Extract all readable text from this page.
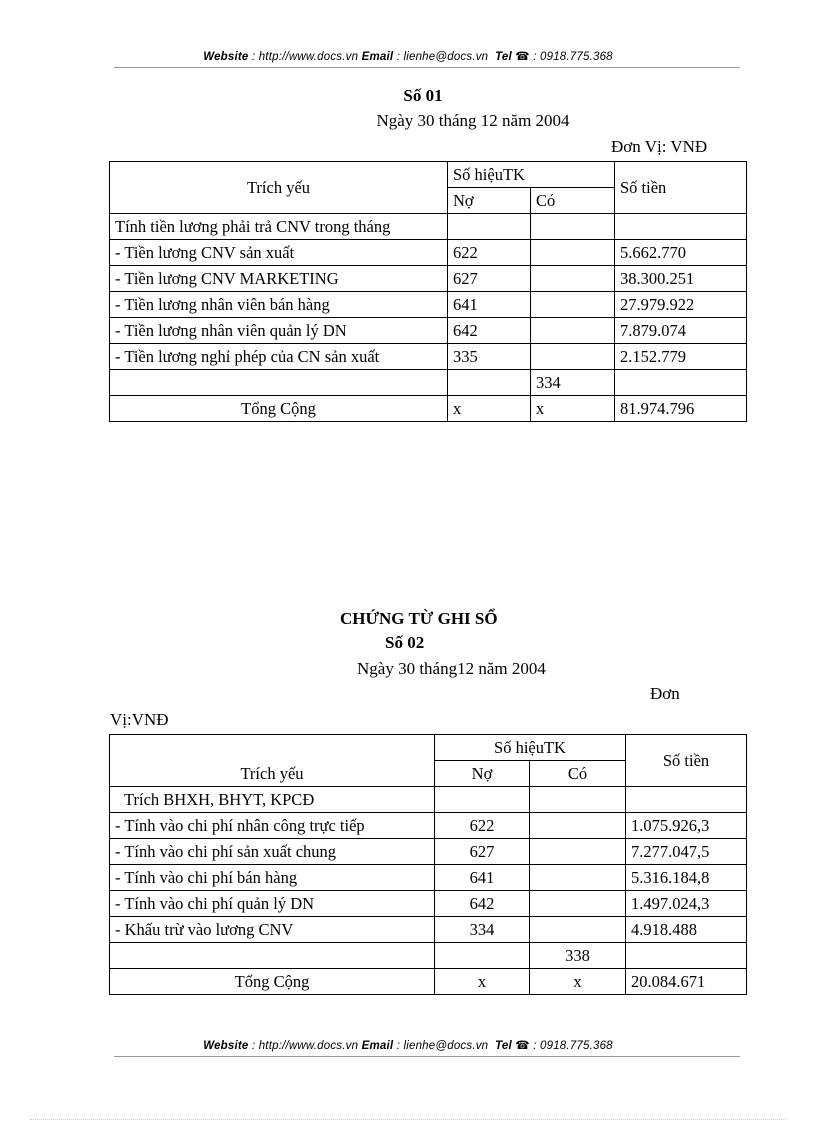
Website : http://www.docs.vn Email : lienhe@docs.vn Tel ☎ : 0918.775.368
Số 01
Ngày 30 tháng 12 năm 2004
Đơn Vị: VNĐ
Trích yếu	Số hiệuTK		Số tiền
	Nợ	Có	
Tính tiền lương phải trả CNV trong tháng			
- Tiền lương CNV sản xuất	622		5.662.770
- Tiền lương CNV MARKETING	627		38.300.251
- Tiền lương nhân viên bán hàng	641		27.979.922
- Tiền lương nhân viên quản lý DN	642		7.879.074
- Tiền lương nghỉ phép của CN sản xuất	335		2.152.779
		334	
Tổng Cộng	x	x	81.974.796
CHỨNG TỪ GHI SỔ
Số 02
Ngày 30 tháng12 năm 2004
Đơn
Vị:VNĐ
Trích yếu	Số hiệuTK		Số tiền
	Nợ	Có	
Trích BHXH, BHYT, KPCĐ			
- Tính vào chi phí nhân công trực tiếp	622		1.075.926,3
- Tính vào chi phí sản xuất chung	627		7.277.047,5
- Tính vào chi phí bán hàng	641		5.316.184,8
- Tính vào chi phí quản lý DN	642		1.497.024,3
- Khấu trừ vào lương CNV	334		4.918.488
		338	
Tổng Cộng	x	x	20.084.671
Website : http://www.docs.vn Email : lienhe@docs.vn Tel ☎ : 0918.775.368
